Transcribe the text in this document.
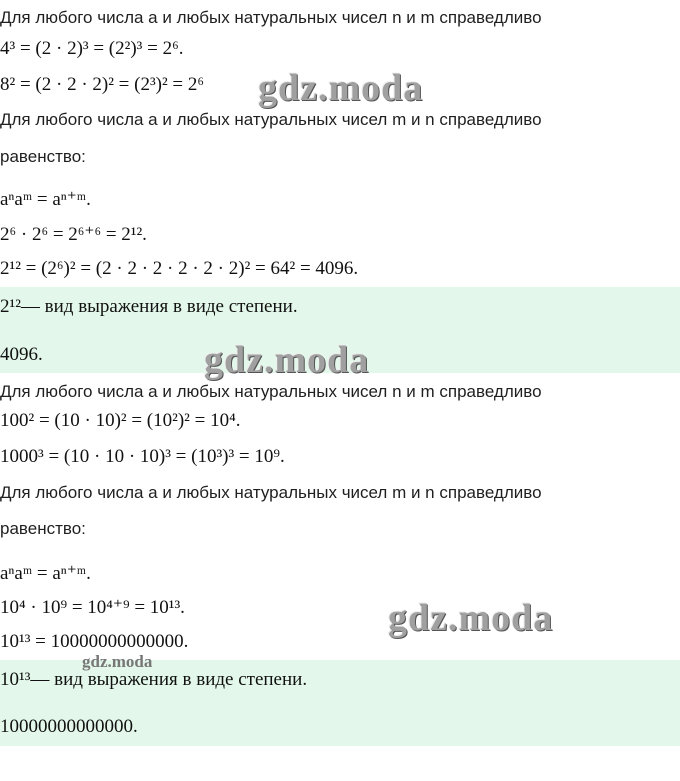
Для любого числа a и любых натуральных чисел n и m справедливо
4³ = (2 · 2)³ = (2²)³ = 2⁶.
8² = (2 · 2 · 2)² = (2³)² = 2⁶
Для любого числа a и любых натуральных чисел m и n справедливо
равенство:
aⁿaᵐ = aⁿ⁺ᵐ.
2⁶ · 2⁶ = 2⁶⁺⁶ = 2¹².
2¹² = (2⁶)² = (2 · 2 · 2 · 2 · 2 · 2)² = 64² = 4096.
2¹²— вид выражения в виде степени.
4096.
Для любого числа a и любых натуральных чисел n и m справедливо
100² = (10 · 10)² = (10²)² = 10⁴.
1000³ = (10 · 10 · 10)³ = (10³)³ = 10⁹.
Для любого числа a и любых натуральных чисел m и n справедливо
равенство:
aⁿaᵐ = aⁿ⁺ᵐ.
10⁴ · 10⁹ = 10⁴⁺⁹ = 10¹³.
10¹³ = 10000000000000.
10¹³— вид выражения в виде степени.
10000000000000.
gdz.moda
gdz.moda
gdz.moda
gdz.moda
